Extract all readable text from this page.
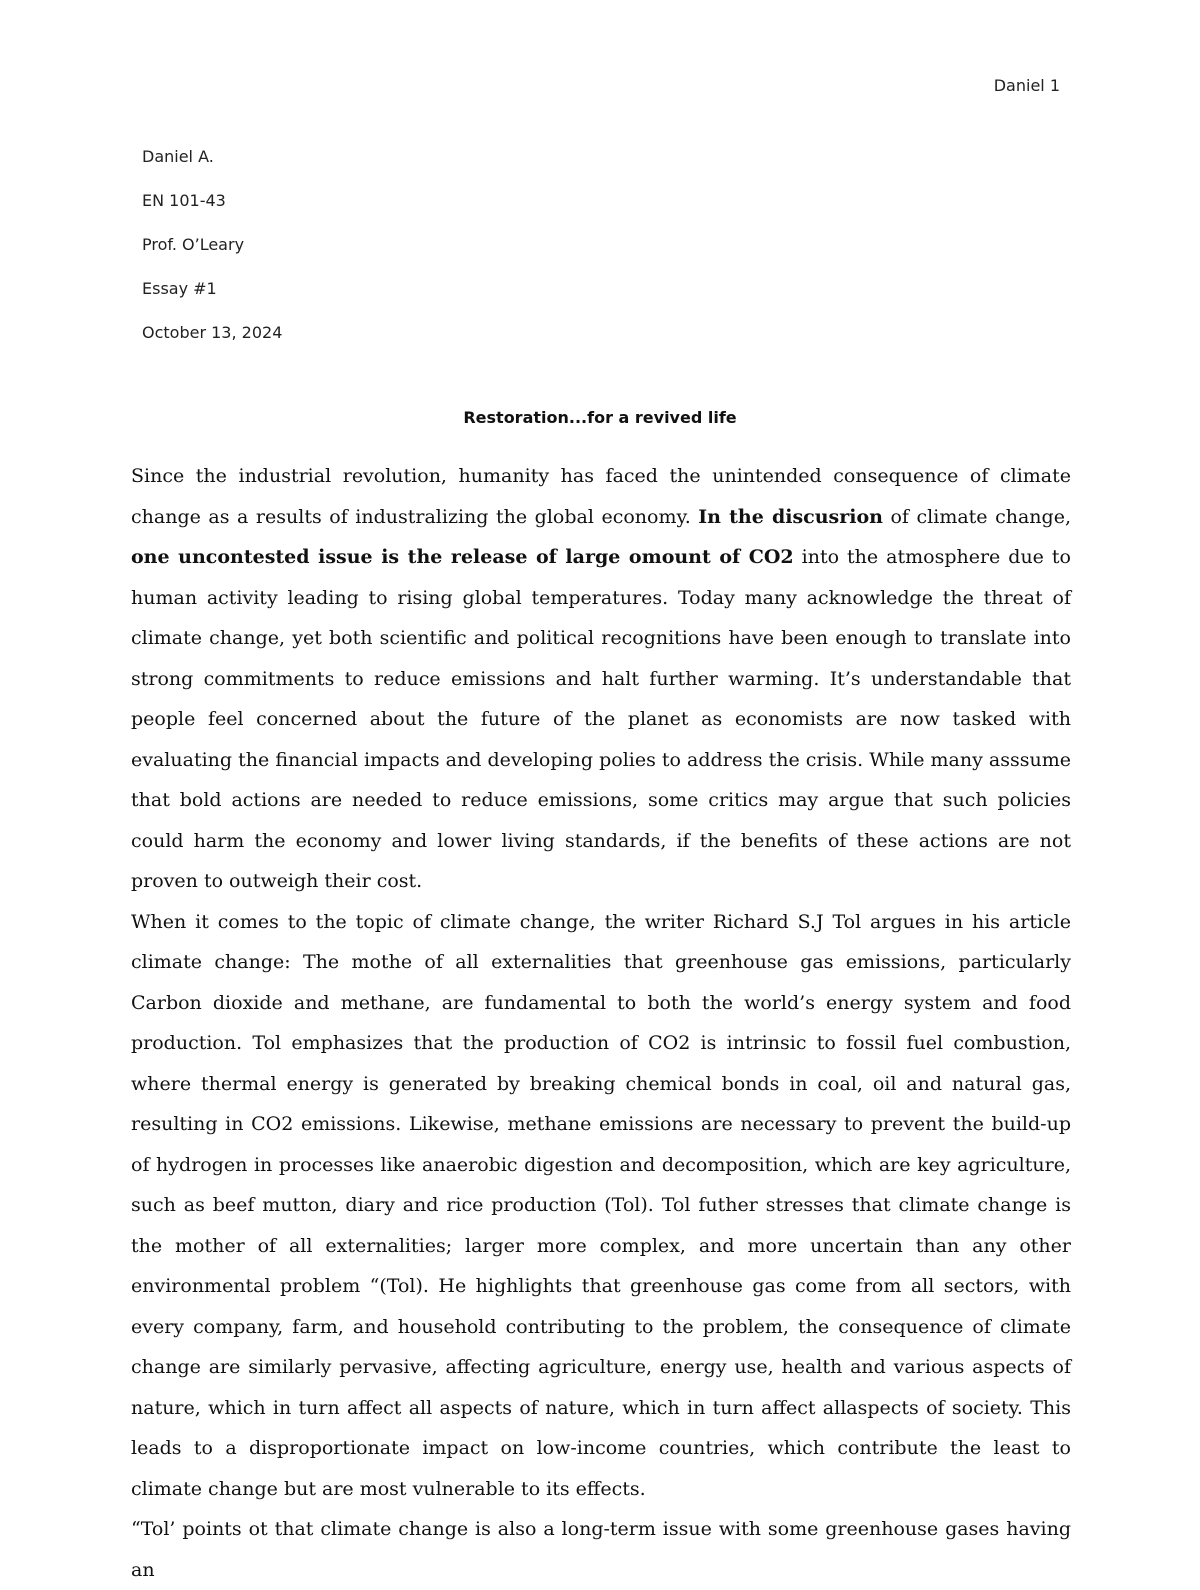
Daniel 1
Daniel A.
EN 101-43
Prof. O’Leary
Essay #1
October 13, 2024
Restoration...for a revived life

Since the industrial revolution, humanity has faced the unintended consequence of climate change as a results of industralizing the global economy. In the discusrion of climate change, one uncontested issue is the release of large omount of CO2 into the atmosphere due to human activity leading to rising global temperatures. Today many acknowledge the threat of climate change, yet both scientific and political recognitions have been enough to translate into strong commitments to reduce emissions and halt further warming. It’s understandable that people feel concerned about the future of the planet as economists are now tasked with evaluating the financial impacts and developing polies to address the crisis. While many asssume that bold actions are needed to reduce emissions, some critics may argue that such policies could harm the economy and lower living standards, if the benefits of these actions are not proven to outweigh their cost.

When it comes to the topic of climate change, the writer Richard S.J Tol argues in his article climate change: The mothe of all externalities that greenhouse gas emissions, particularly Carbon dioxide and methane, are fundamental to both the world’s energy system and food production. Tol emphasizes that the production of CO2 is intrinsic to fossil fuel combustion, where thermal energy is generated by breaking chemical bonds in coal, oil and natural gas, resulting in CO2 emissions. Likewise, methane emissions are necessary to prevent the build-up of hydrogen in processes like anaerobic digestion and decomposition, which are key agriculture, such as beef mutton, diary and rice production (Tol). Tol futher stresses that climate change is the mother of all externalities; larger more complex, and more uncertain than any other environmental problem “(Tol). He highlights that greenhouse gas come from all sectors, with every company, farm, and household contributing to the problem, the consequence of climate change are similarly pervasive, affecting agriculture, energy use, health and various aspects of nature, which in turn affect all aspects of nature, which in turn affect allaspects of society. This leads to a disproportionate impact on low-income countries, which contribute the least to climate change but are most vulnerable to its effects.

“Tol’ points ot that climate change is also a long-term issue with some greenhouse gases having an
